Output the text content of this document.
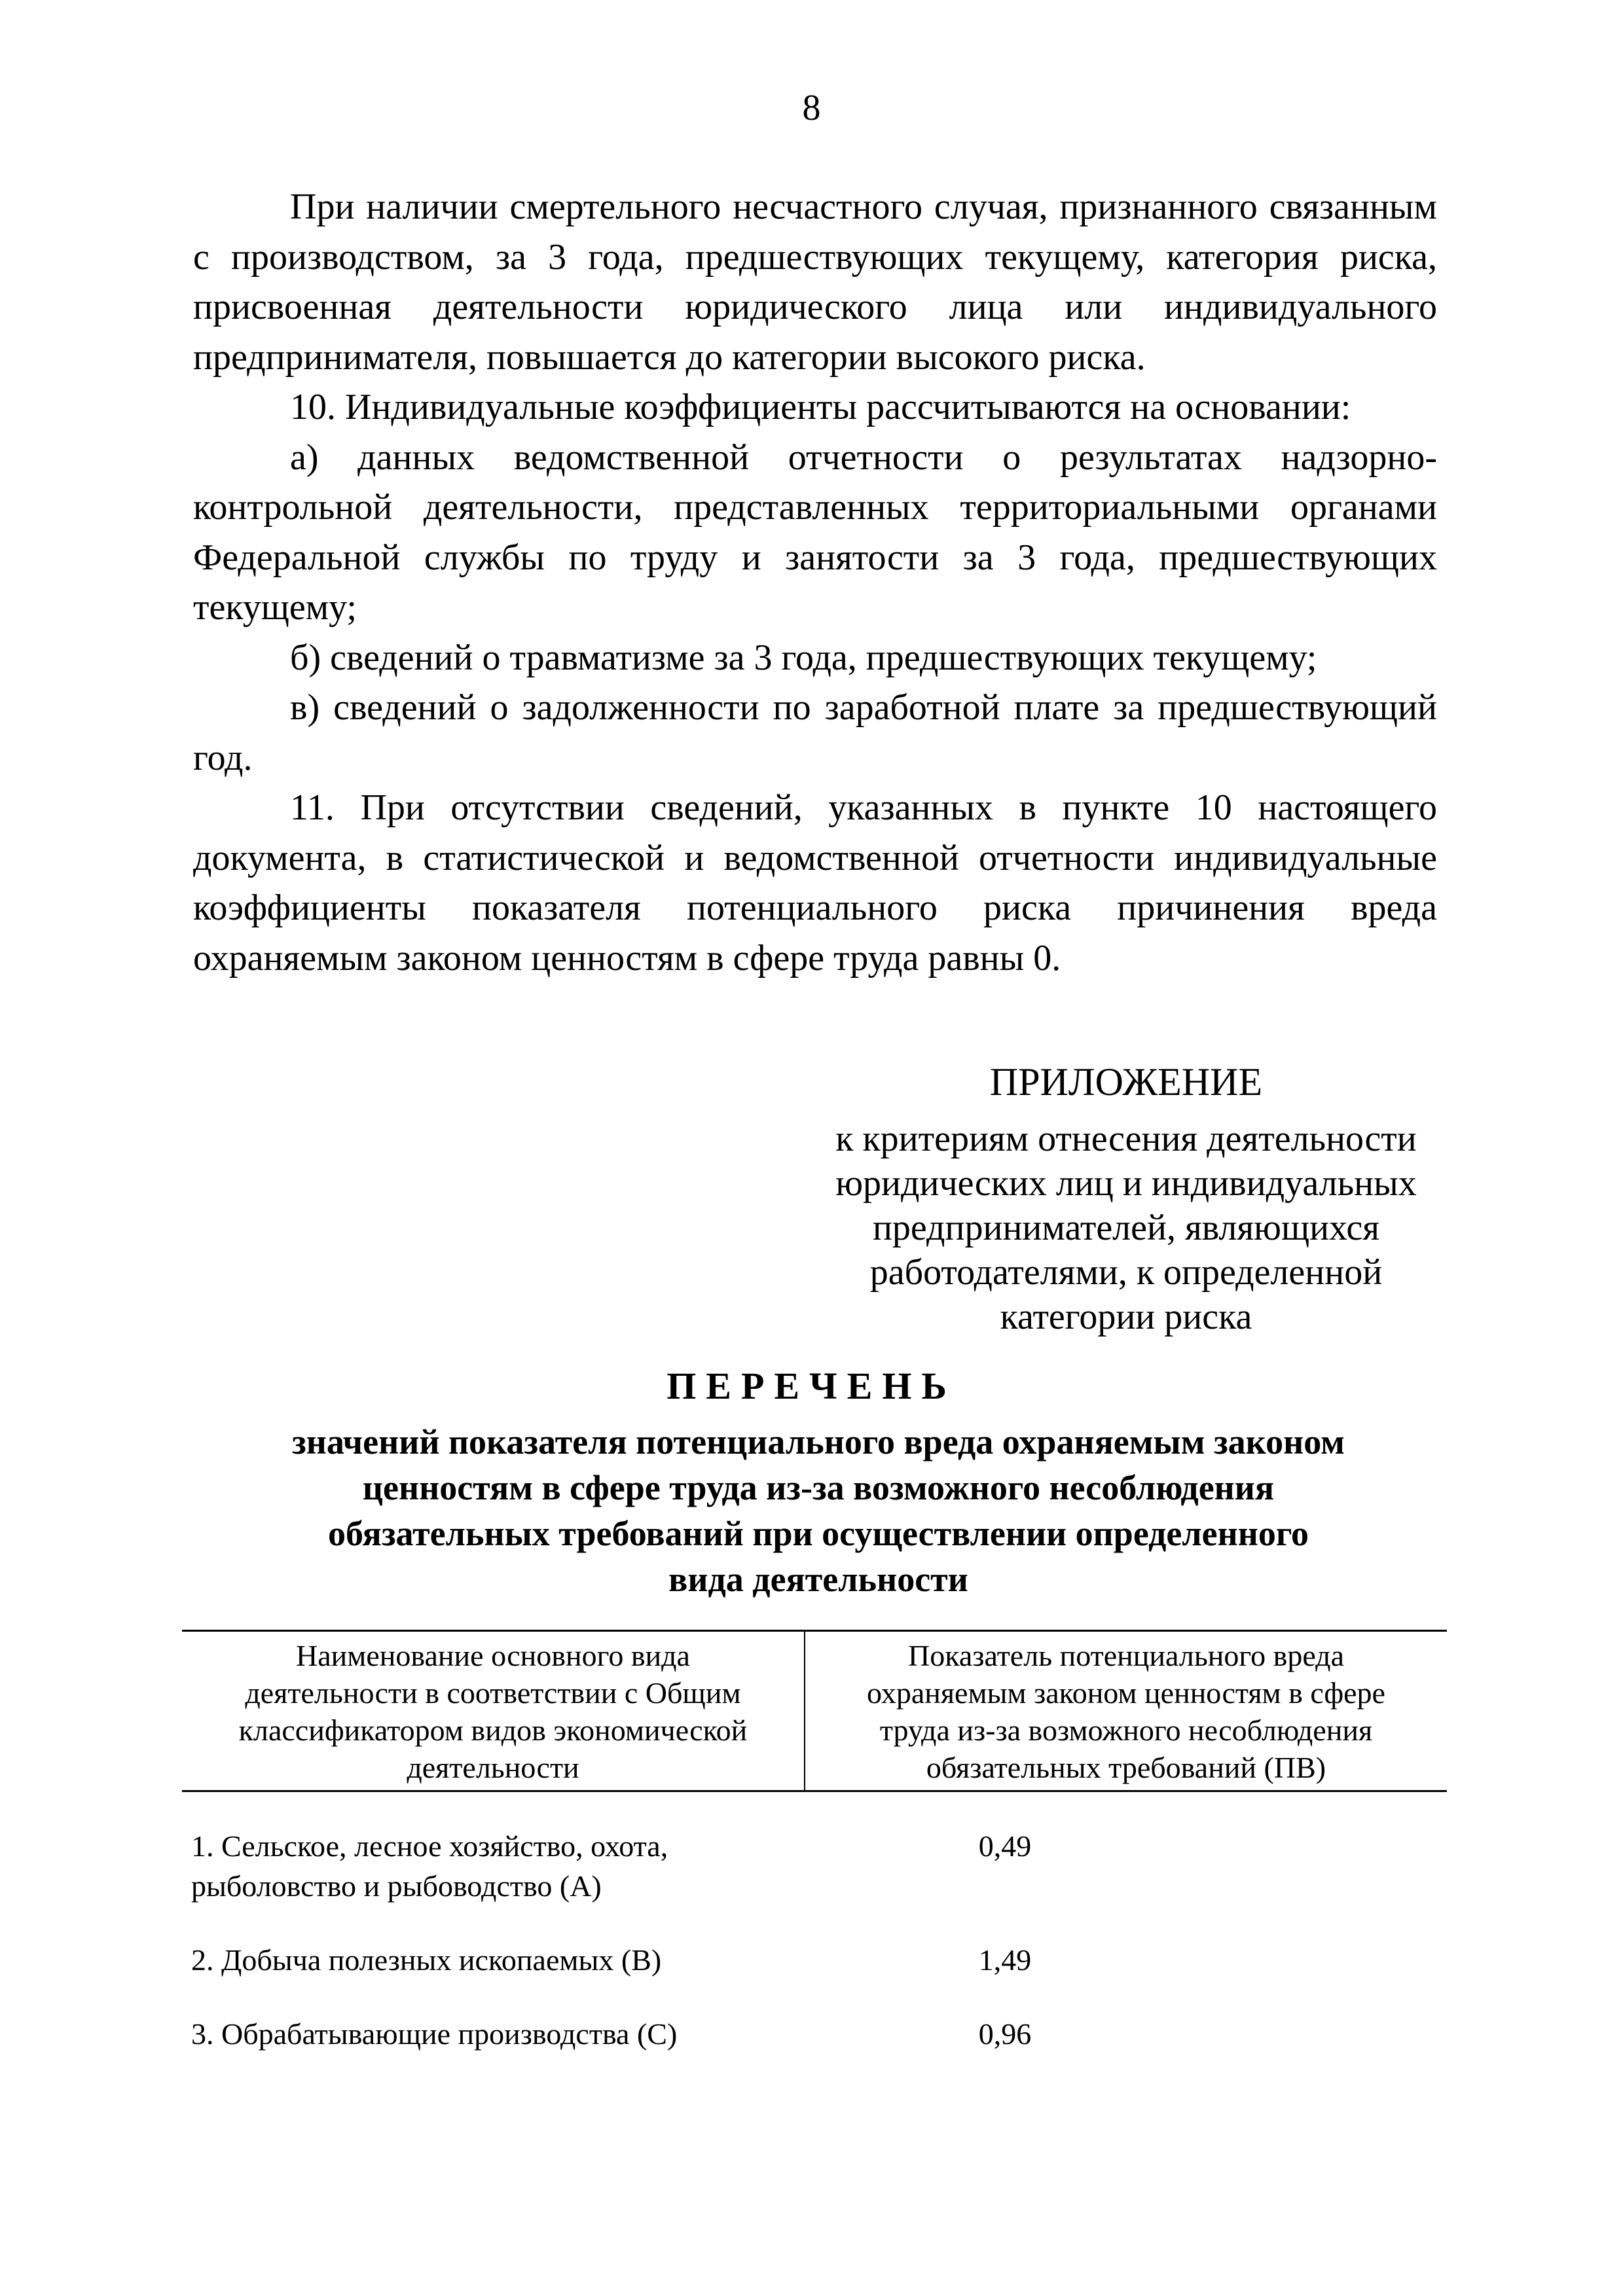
8

При наличии смертельного несчастного случая, признанного связанным с производством, за 3 года, предшествующих текущему, категория риска, присвоенная деятельности юридического лица или индивидуального предпринимателя, повышается до категории высокого риска.

10. Индивидуальные коэффициенты рассчитываются на основании:

а) данных ведомственной отчетности о результатах надзорно-контрольной деятельности, представленных территориальными органами Федеральной службы по труду и занятости за 3 года, предшествующих текущему;

б) сведений о травматизме за 3 года, предшествующих текущему;

в) сведений о задолженности по заработной плате за предшествующий год.

11. При отсутствии сведений, указанных в пункте 10 настоящего документа, в статистической и ведомственной отчетности индивидуальные коэффициенты показателя потенциального риска причинения вреда охраняемым законом ценностям в сфере труда равны 0.

ПРИЛОЖЕНИЕ
к критериям отнесения деятельности
юридических лиц и индивидуальных
предпринимателей, являющихся
работодателями, к определенной
категории риска
ПЕРЕЧЕНЬ
значений показателя потенциального вреда охраняемым законом
ценностям в сфере труда из-за возможного несоблюдения
обязательных требований при осуществлении определенного
вида деятельности
Наименование основного вида
деятельности в соответствии с Общим
классификатором видов экономической
деятельности
Показатель потенциального вреда
охраняемым законом ценностям в сфере
труда из-за возможного несоблюдения
обязательных требований (ПВ)
1. Сельское, лесное хозяйство, охота,
рыболовство и рыбоводство (А)
0,49
2. Добыча полезных ископаемых (В)	1,49
3. Обрабатывающие производства (С)	0,96
